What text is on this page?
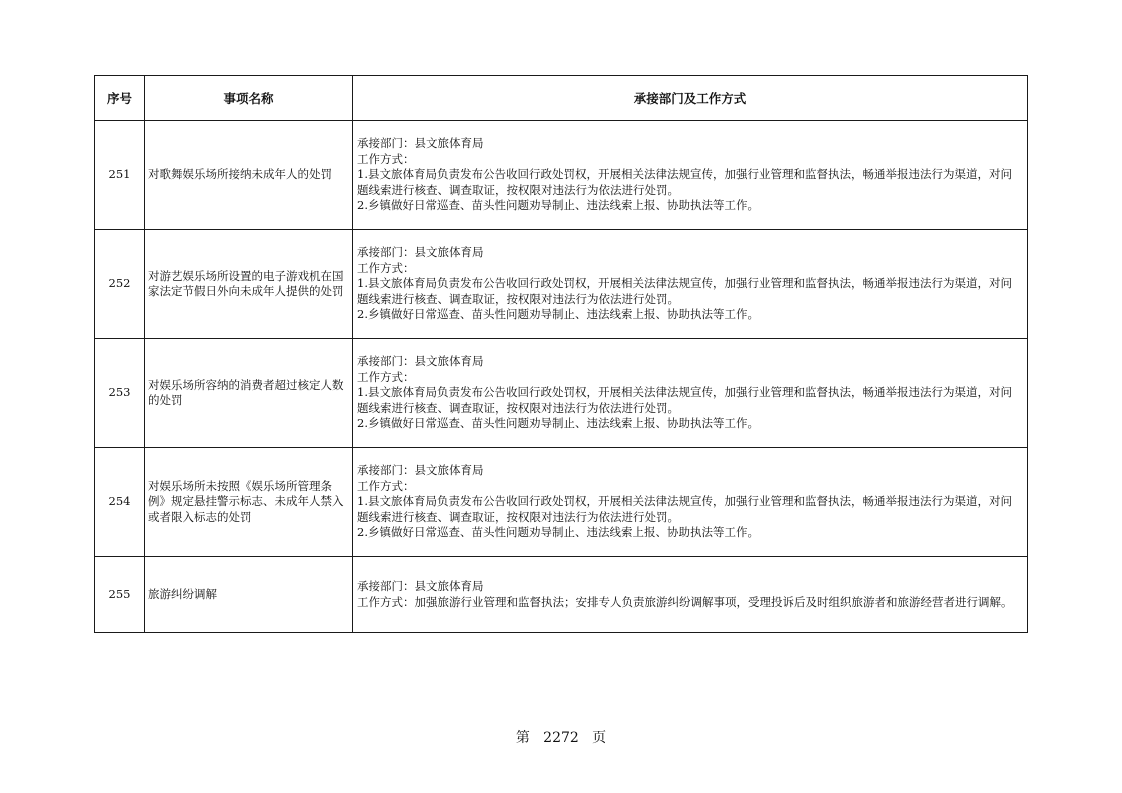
序号	事项名称	承接部门及工作方式
251	对歌舞娱乐场所接纳未成年人的处罚	承接部门：县文旅体育局
工作方式：
1.县文旅体育局负责发布公告收回行政处罚权，开展相关法律法规宣传，加强行业管理和监督执法，畅通举报违法行为渠道，对问题线索进行核查、调查取证，按权限对违法行为依法进行处罚。
2.乡镇做好日常巡查、苗头性问题劝导制止、违法线索上报、协助执法等工作。

252	对游艺娱乐场所设置的电子游戏机在国家法定节假日外向未成年人提供的处罚	承接部门：县文旅体育局
工作方式：
1.县文旅体育局负责发布公告收回行政处罚权，开展相关法律法规宣传，加强行业管理和监督执法，畅通举报违法行为渠道，对问题线索进行核查、调查取证，按权限对违法行为依法进行处罚。
2.乡镇做好日常巡查、苗头性问题劝导制止、违法线索上报、协助执法等工作。

253	对娱乐场所容纳的消费者超过核定人数的处罚	承接部门：县文旅体育局
工作方式：
1.县文旅体育局负责发布公告收回行政处罚权，开展相关法律法规宣传，加强行业管理和监督执法，畅通举报违法行为渠道，对问题线索进行核查、调查取证，按权限对违法行为依法进行处罚。
2.乡镇做好日常巡查、苗头性问题劝导制止、违法线索上报、协助执法等工作。

254	对娱乐场所未按照《娱乐场所管理条例》规定悬挂警示标志、未成年人禁入或者限入标志的处罚	承接部门：县文旅体育局
工作方式：
1.县文旅体育局负责发布公告收回行政处罚权，开展相关法律法规宣传，加强行业管理和监督执法，畅通举报违法行为渠道，对问题线索进行核查、调查取证，按权限对违法行为依法进行处罚。
2.乡镇做好日常巡查、苗头性问题劝导制止、违法线索上报、协助执法等工作。

255	旅游纠纷调解	承接部门：县文旅体育局
工作方式：加强旅游行业管理和监督执法；安排专人负责旅游纠纷调解事项，受理投诉后及时组织旅游者和旅游经营者进行调解。
第 2272 页
